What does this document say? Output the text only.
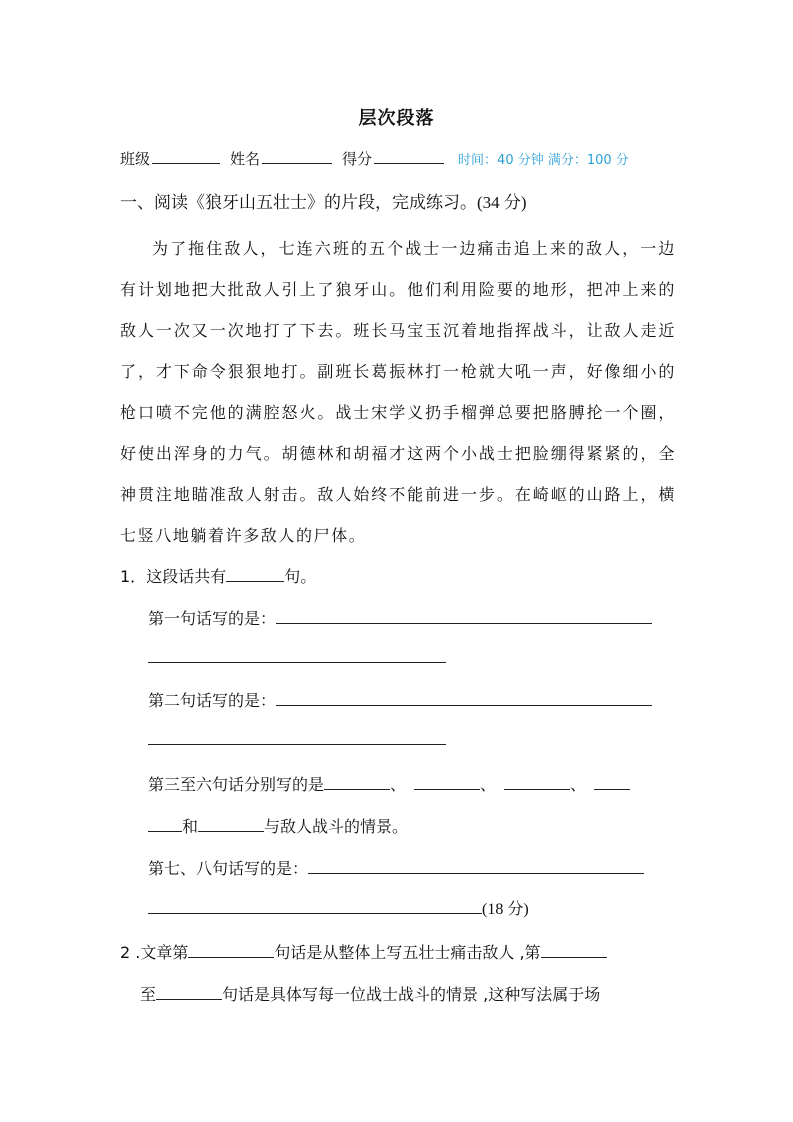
层次段落
班级	姓名	得分	时间：40 分钟 满分：100 分
一、阅读《狼牙山五壮士》的片段，完成练习。(34 分)

为了拖住敌人，七连六班的五个战士一边痛击追上来的敌人，一边有计划地把大批敌人引上了狼牙山。他们利用险要的地形，把冲上来的敌人一次又一次地打了下去。班长马宝玉沉着地指挥战斗，让敌人走近了，才下命令狠狠地打。副班长葛振林打一枪就大吼一声，好像细小的枪口喷不完他的满腔怒火。战士宋学义扔手榴弹总要把胳膊抡一个圈，好使出浑身的力气。胡德林和胡福才这两个小战士把脸绷得紧紧的，全神贯注地瞄准敌人射击。敌人始终不能前进一步。在崎岖的山路上，横七竖八地躺着许多敌人的尸体。

1．这段话共有	句。
第一句话写的是：
第二句话写的是：
第三至六句话分别写的是	、	、	、
和	与敌人战斗的情景。
第七、八句话写的是：
(18 分)
2 .文章第	句话是从整体上写五壮士痛击敌人 ,第
至	句话是具体写每一位战士战斗的情景 ,这种写法属于场
